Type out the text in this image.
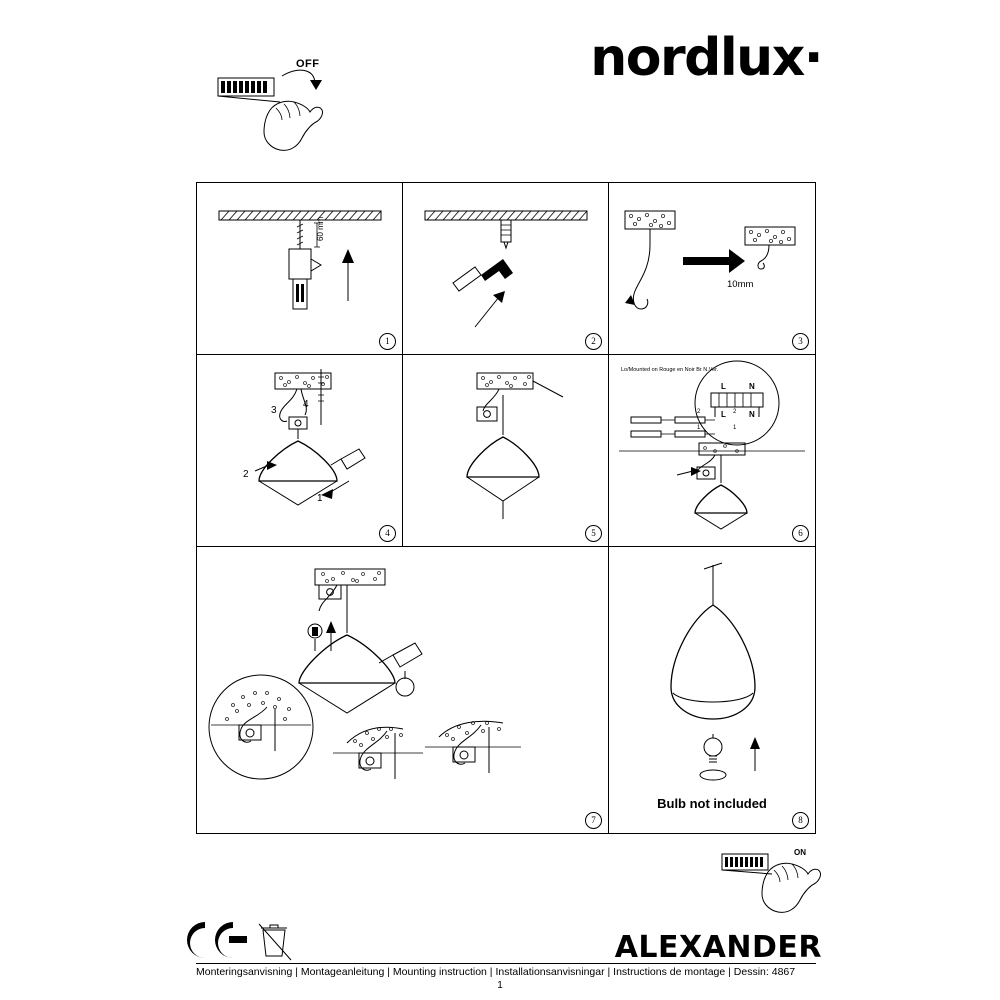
nordlux·
OFF
60 mm
1	2
10mm
3
3
2
1
4
4	5
Lo/Mounted on Rouge en Noir Br N.Ver.
L	N
L	N
2	2
1	1
6
7
Bulb not included
8
ON
ALEXANDER
Monteringsanvisning | Montageanleitung | Mounting instruction | Installationsanvisningar | Instructions de montage | Dessin: 4867
1
